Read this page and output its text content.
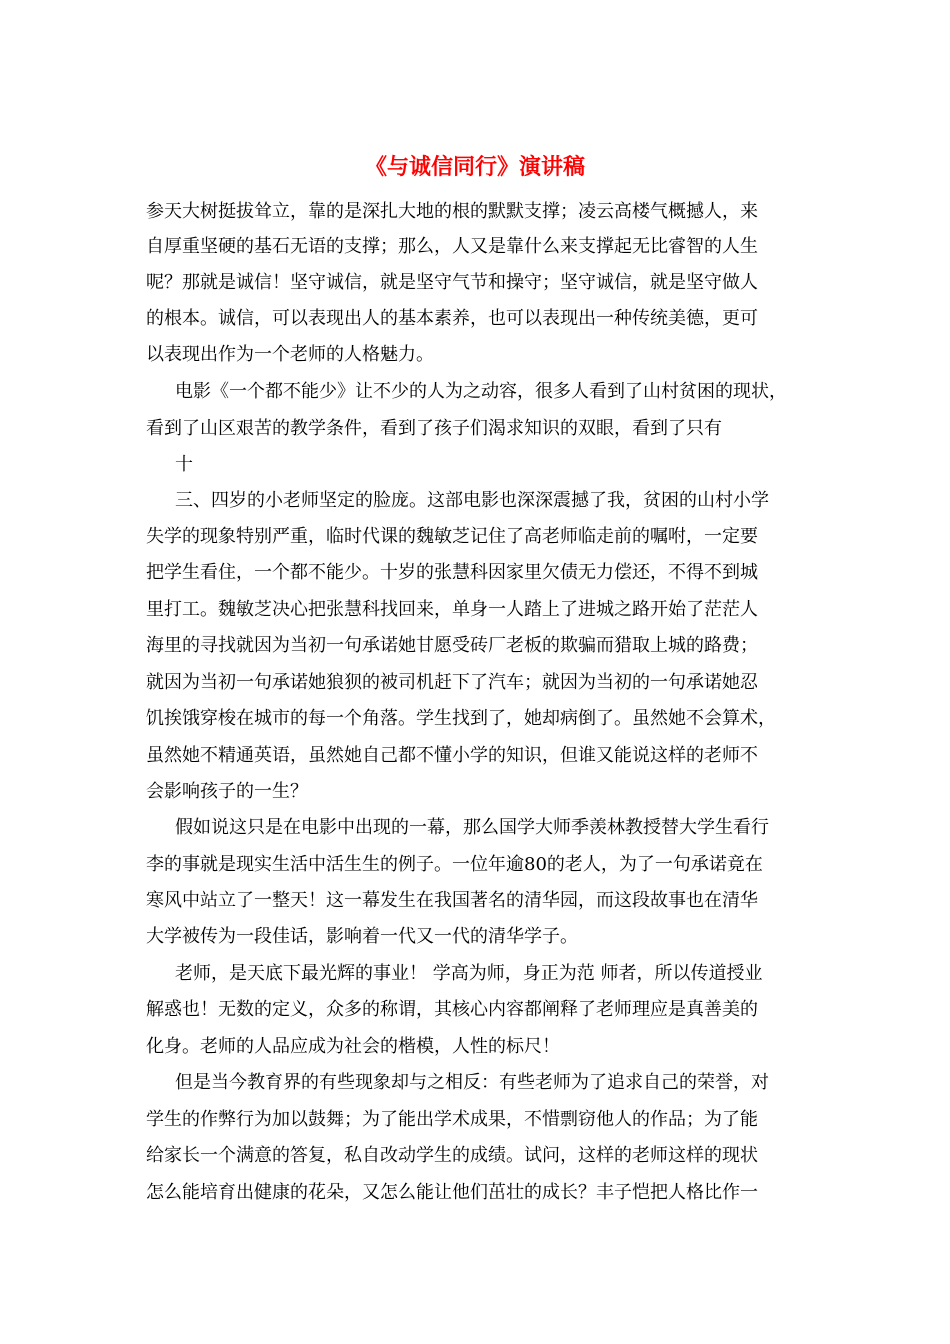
《与诚信同行》演讲稿

参天大树挺拔耸立，靠的是深扎大地的根的默默支撑；凌云高楼气概撼人，来

自厚重坚硬的基石无语的支撑；那么，人又是靠什么来支撑起无比睿智的人生

呢？那就是诚信！坚守诚信，就是坚守气节和操守；坚守诚信，就是坚守做人

的根本。诚信，可以表现出人的基本素养，也可以表现出一种传统美德，更可

以表现出作为一个老师的人格魅力。

电影《一个都不能少》让不少的人为之动容，很多人看到了山村贫困的现状，

看到了山区艰苦的教学条件，看到了孩子们渴求知识的双眼，看到了只有

十

三、四岁的小老师坚定的脸庞。这部电影也深深震撼了我，贫困的山村小学

失学的现象特别严重，临时代课的魏敏芝记住了高老师临走前的嘱咐，一定要

把学生看住，一个都不能少。十岁的张慧科因家里欠债无力偿还，不得不到城

里打工。魏敏芝决心把张慧科找回来，单身一人踏上了进城之路开始了茫茫人

海里的寻找就因为当初一句承诺她甘愿受砖厂老板的欺骗而猎取上城的路费；

就因为当初一句承诺她狼狈的被司机赶下了汽车；就因为当初的一句承诺她忍

饥挨饿穿梭在城市的每一个角落。学生找到了，她却病倒了。虽然她不会算术，

虽然她不精通英语，虽然她自己都不懂小学的知识，但谁又能说这样的老师不

会影响孩子的一生？

假如说这只是在电影中出现的一幕，那么国学大师季羡林教授替大学生看行

李的事就是现实生活中活生生的例子。一位年逾80的老人，为了一句承诺竟在

寒风中站立了一整天！这一幕发生在我国著名的清华园，而这段故事也在清华

大学被传为一段佳话，影响着一代又一代的清华学子。

老师，是天底下最光辉的事业！ 学高为师，身正为范 师者，所以传道授业

解惑也！无数的定义，众多的称谓，其核心内容都阐释了老师理应是真善美的

化身。老师的人品应成为社会的楷模，人性的标尺！

但是当今教育界的有些现象却与之相反：有些老师为了追求自己的荣誉，对

学生的作弊行为加以鼓舞；为了能出学术成果，不惜剽窃他人的作品；为了能

给家长一个满意的答复，私自改动学生的成绩。试问，这样的老师这样的现状

怎么能培育出健康的花朵，又怎么能让他们茁壮的成长？丰子恺把人格比作一
